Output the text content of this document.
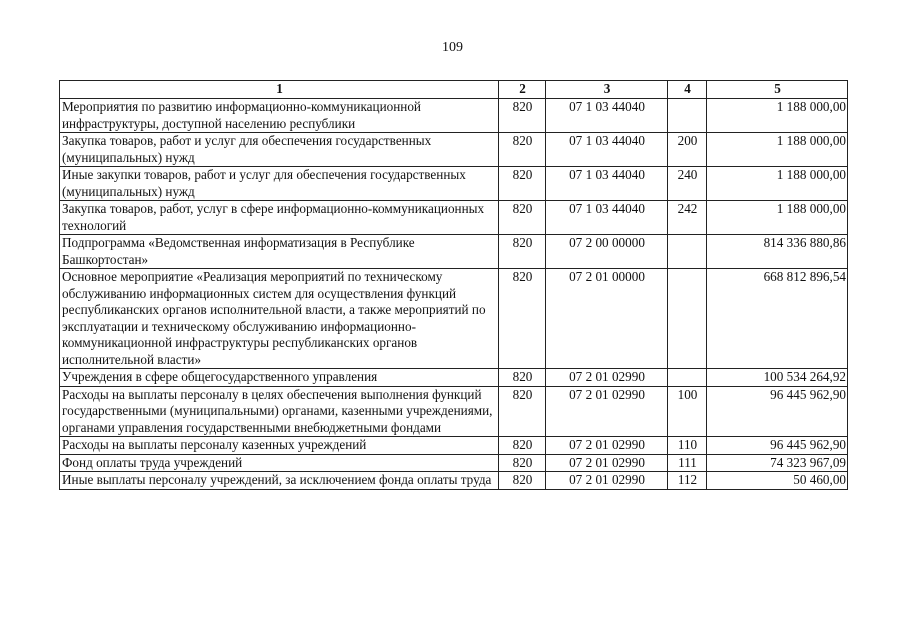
109
1	2	3	4	5
Мероприятия по развитию информационно-коммуникационной инфраструктуры, доступной населению республики	820	07 1 03 44040		1 188 000,00
Закупка товаров, работ и услуг для обеспечения государственных (муниципальных) нужд	820	07 1 03 44040	200	1 188 000,00
Иные закупки товаров, работ и услуг для обеспечения государственных (муниципальных) нужд	820	07 1 03 44040	240	1 188 000,00
Закупка товаров, работ, услуг в сфере информационно-коммуникационных технологий	820	07 1 03 44040	242	1 188 000,00
Подпрограмма «Ведомственная информатизация в Республике Башкортостан»	820	07 2 00 00000		814 336 880,86
Основное мероприятие «Реализация мероприятий по техническому обслуживанию информационных систем для осуществления функций республиканских органов исполнительной власти, а также мероприятий по эксплуатации и техническому обслуживанию информационно-коммуникационной инфраструктуры республиканских органов исполнительной власти»	820	07 2 01 00000		668 812 896,54
Учреждения в сфере общегосударственного управления	820	07 2 01 02990		100 534 264,92
Расходы на выплаты персоналу в целях обеспечения выполнения функций государственными (муниципальными) органами, казенными учреждениями, органами управления государственными внебюджетными фондами	820	07 2 01 02990	100	96 445 962,90
Расходы на выплаты персоналу казенных учреждений	820	07 2 01 02990	110	96 445 962,90
Фонд оплаты труда учреждений	820	07 2 01 02990	111	74 323 967,09
Иные выплаты персоналу учреждений, за исключением фонда оплаты труда	820	07 2 01 02990	112	50 460,00
